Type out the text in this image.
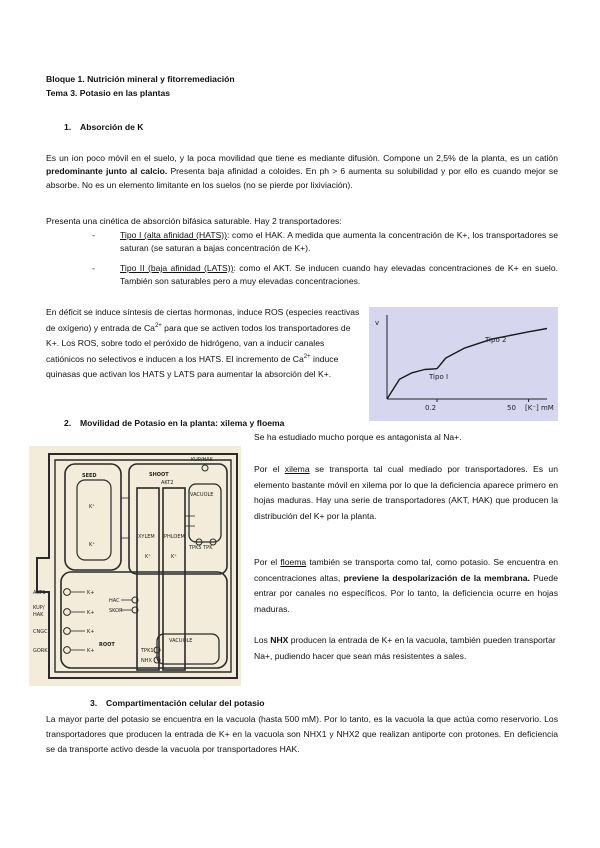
Bloque 1. Nutrición mineral y fitorremediación
Tema 3. Potasio en las plantas
1. Absorción de K
Es un ion poco móvil en el suelo, y la poca movilidad que tiene es mediante difusión. Compone un 2,5% de la planta, es un catión predominante junto al calcio. Presenta baja afinidad a coloides. En ph > 6 aumenta su solubilidad y por ello es cuando mejor se absorbe. No es un elemento limitante en los suelos (no se pierde por lixiviación).
Presenta una cinética de absorción bifásica saturable. Hay 2 transportadores:
-	Tipo I (alta afinidad (HATS)): como el HAK. A medida que aumenta la concentración de K+, los transportadores se saturan (se saturan a bajas concentración de K+).
-	Tipo II (baja afinidad (LATS)): como el AKT. Se inducen cuando hay elevadas concentraciones de K+ en suelo. También son saturables pero a muy elevadas concentraciones.
En déficit se induce síntesis de ciertas hormonas, induce ROS (especies reactivas de oxígeno) y entrada de $Ca^{2+}$ para que se activen todos los transportadores de K+. Los ROS, sobre todo el peróxido de hidrógeno, van a inducir canales catiónicos no selectivos e inducen a los HATS. El incremento de $Ca^{2+}$ induce quinasas que activan los HATS y LATS para aumentar la absorción del K+.
v
Tipo I
Tipo 2
0.2	50 [K⁻] mM
2. Movilidad de Potasio en la planta: xilema y floema
Se ha estudiado mucho porque es antagonista al Na+.
Por el xilema se transporta tal cual mediado por transportadores. Es un elemento bastante móvil en xilema por lo que la deficiencia aparece primero en hojas maduras. Hay una serie de transportadores (AKT, HAK) que producen la distribución del K+ por la planta.
Por el floema también se transporta como tal, como potasio. Se encuentra en concentraciones altas, previene la despolarización de la membrana. Puede entrar por canales no específicos. Por lo tanto, la deficiencia ocurre en hojas maduras.
Los NHX producen la entrada de K+ en la vacuola, también pueden transportar Na+, pudiendo hacer que sean más resistentes a sales.
SEED
K⁺
K⁺
SHOOT
AKT2
VACUOLE
KUP/HAK
TPK5 TPK
XYLEM PHLOEM
K⁺	K⁺
ROOT
HAC
SKOR
VACUOLE
TPK1
NHX
AKT1
KUP/
HAK
CNGC
GORK
K+
K+
K+
K+
3. Compartimentación celular del potasio
La mayor parte del potasio se encuentra en la vacuola (hasta 500 mM). Por lo tanto, es la vacuola la que actúa como reservorio. Los transportadores que producen la entrada de K+ en la vacuola son NHX1 y NHX2 que realizan antiporte con protones. En deficiencia se da transporte activo desde la vacuola por transportadores HAK.
